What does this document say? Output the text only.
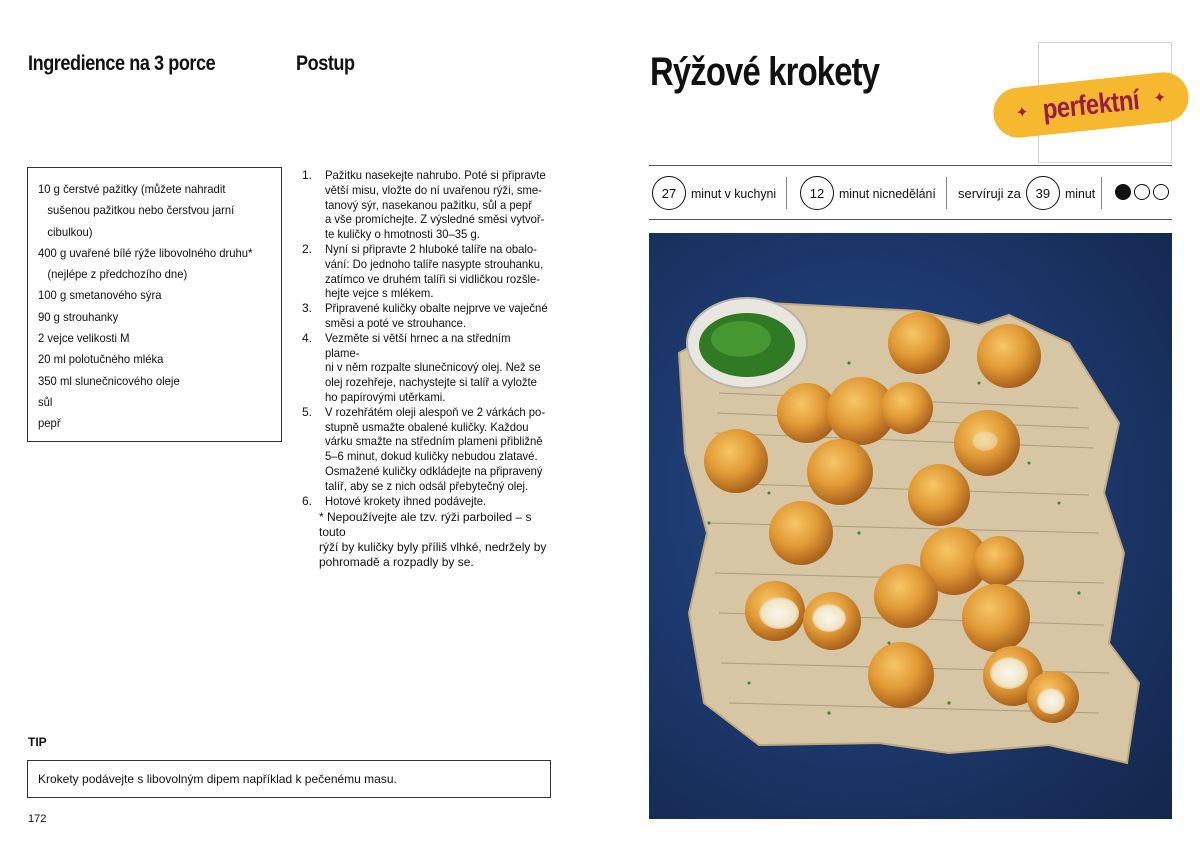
Ingredience na 3 porce	Postup
10 g čerstvé pažitky (můžete nahradit
sušenou pažitkou nebo čerstvou jarní
cibulkou)
400 g uvařené bílé rýže libovolného druhu*
(nejlépe z předchozího dne)
100 g smetanového sýra
90 g strouhanky
2 vejce velikosti M
20 ml polotučného mléka
350 ml slunečnicového oleje
sůl
pepř
1.	Pažitku nasekejte nahrubo. Poté si připravte
větší misu, vložte do ní uvařenou rýži, sme-
tanový sýr, nasekanou pažitku, sůl a pepř
a vše promíchejte. Z výsledné směsi vytvoř-
te kuličky o hmotnosti 30–35 g.
2.	Nyní si připravte 2 hluboké talíře na obalo-
vání: Do jednoho talíře nasypte strouhanku,
zatímco ve druhém talíři si vidličkou rozšle-
hejte vejce s mlékem.
3.	Připravené kuličky obalte nejprve ve vaječné
směsi a poté ve strouhance.
4.	Vezměte si větší hrnec a na středním plame-
ni v něm rozpalte slunečnicový olej. Než se
olej rozehřeje, nachystejte si talíř a vyložte
ho papírovými utěrkami.
5.	V rozehřátém oleji alespoň ve 2 várkách po-
stupně usmažte obalené kuličky. Každou
várku smažte na středním plameni přibližně
5–6 minut, dokud kuličky nebudou zlatavé.
Osmažené kuličky odkládejte na připravený
talíř, aby se z nich odsál přebytečný olej.
6.	Hotové krokety ihned podávejte.
* Nepoužívejte ale tzv. rýži parboiled – s touto
rýží by kuličky byly příliš vlhké, nedržely by
pohromadě a rozpadly by se.
TIP
Krokety podávejte s libovolným dipem například k pečenému masu.
172
Rýžové krokety
✦ perfektní ✦
27	minut v kuchyni	12	minut nicnedělání servíruji za	39	minut
